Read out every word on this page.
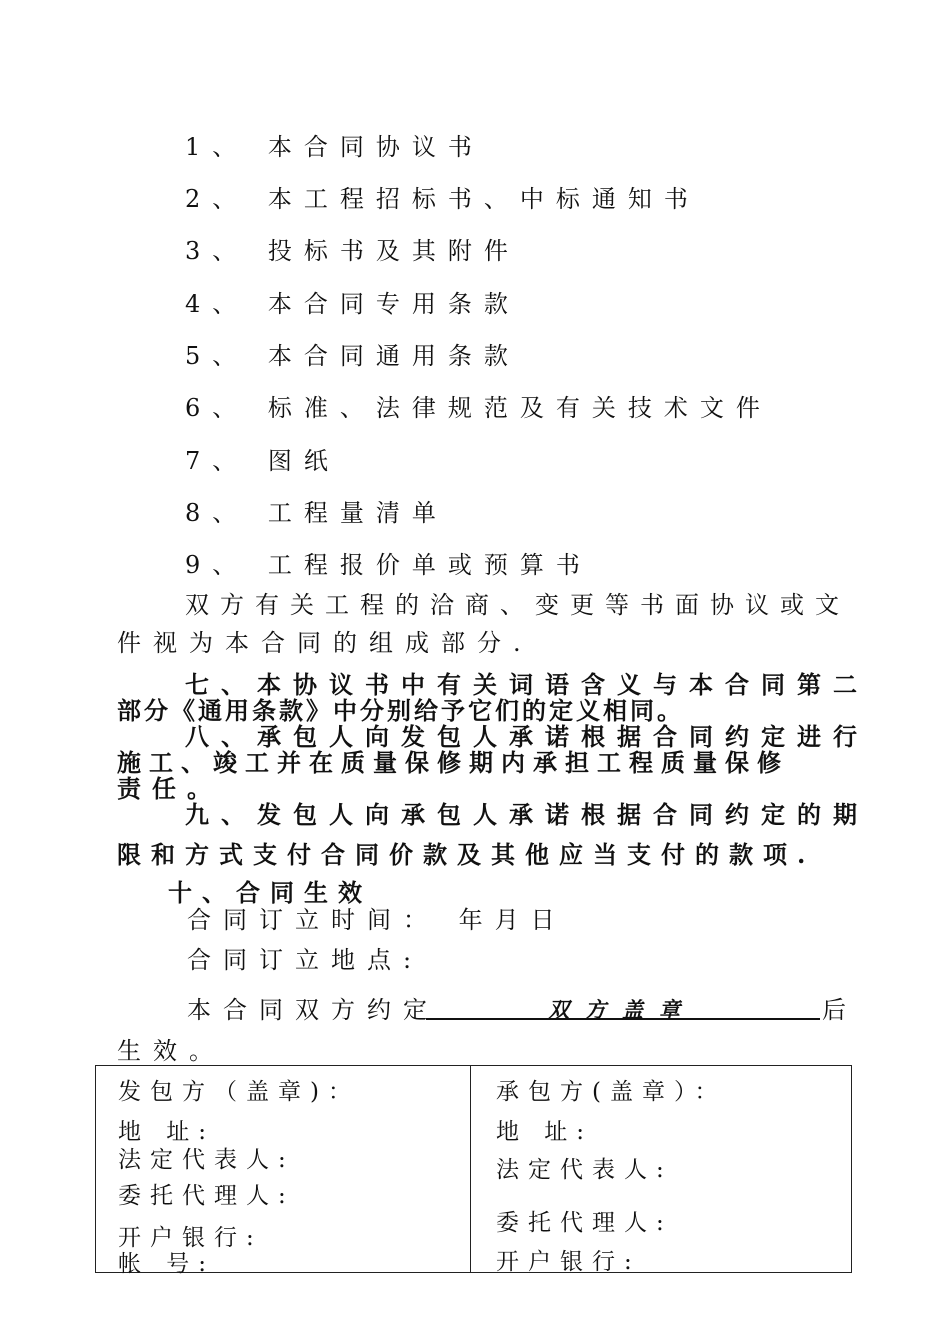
1、 本合同协议书
2、 本工程招标书、中标通知书
3、 投标书及其附件
4、 本合同专用条款
5、 本合同通用条款
6、 标准、法律规范及有关技术文件
7、 图纸
8、 工程量清单
9、 工程报价单或预算书
双方有关工程的洽商、变更等书面协议或文
件视为本合同的组成部分.
七、本协议书中有关词语含义与本合同第二
部分《通用条款》中分别给予它们的定义相同。
八、承包人向发包人承诺根据合同约定进行
施工、竣工并在质量保修期内承担工程质量保修
责任。
九、发包人向承包人承诺根据合同约定的期
限和方式支付合同价款及其他应当支付的款项.
十、合同生效
合同订立时间： 年月日
合同订立地点:
本合同双方约定	双方盖章	后
生效。
发包方（盖章)：
地 址:
法定代表人:
委托代理人:
开户银行:
帐 号:
承包方(盖章）：
地 址:
法定代表人:
委托代理人:
开户银行:
